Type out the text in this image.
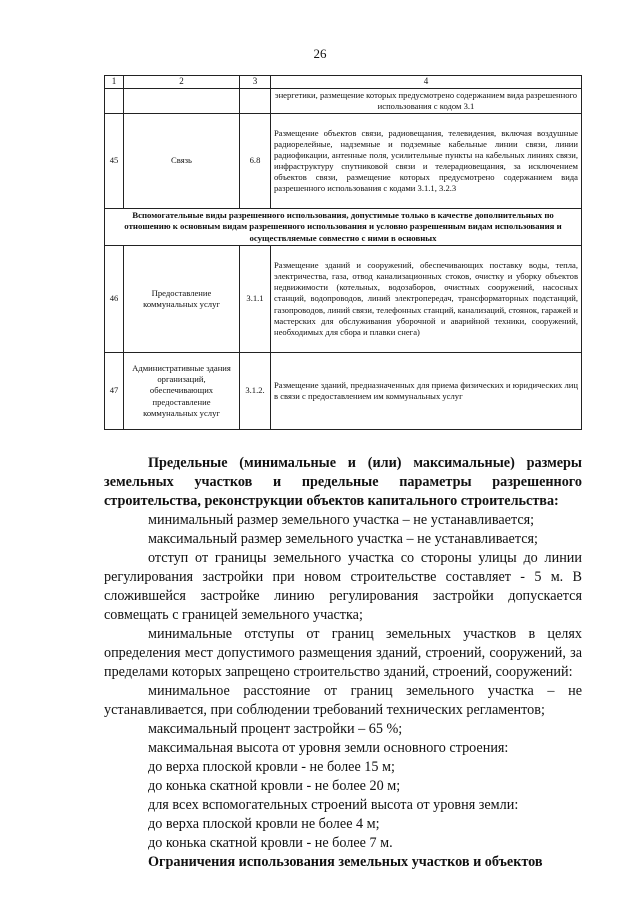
26
1	2	3	4
			энергетики, размещение которых предусмотрено содержанием вида разрешенного использования с кодом 3.1
45	Связь	6.8	Размещение объектов связи, радиовещания, телевидения, включая воздушные радиорелейные, надземные и подземные кабельные линии связи, линии радиофикации, антенные поля, усилительные пункты на кабельных линиях связи, инфраструктуру спутниковой связи и телерадиовещания, за исключением объектов связи, размещение которых предусмотрено содержанием вида разрешенного использования с кодами 3.1.1, 3.2.3
Вспомогательные виды разрешенного использования, допустимые только в качестве дополнительных по отношению к основным видам разрешенного использования и условно разрешенным видам использования и осуществляемые совместно с ними в основных			
46	Предоставление коммунальных услуг	3.1.1	Размещение зданий и сооружений, обеспечивающих поставку воды, тепла, электричества, газа, отвод канализационных стоков, очистку и уборку объектов недвижимости (котельных, водозаборов, очистных сооружений, насосных станций, водопроводов, линий электропередач, трансформаторных подстанций, газопроводов, линий связи, телефонных станций, канализаций, стоянок, гаражей и мастерских для обслуживания уборочной и аварийной техники, сооружений, необходимых для сбора и плавки снега)
47	Административные здания организаций, обеспечивающих предоставление коммунальных услуг	3.1.2.	Размещение зданий, предназначенных для приема физических и юридических лиц в связи с предоставлением им коммунальных услуг

Предельные (минимальные и (или) максимальные) размеры земельных участков и предельные параметры разрешенного строительства, реконструкции объектов капитального строительства:

минимальный размер земельного участка – не устанавливается;

максимальный размер земельного участка – не устанавливается;

отступ от границы земельного участка со стороны улицы до линии регулирования застройки при новом строительстве составляет - 5 м. В сложившейся застройке линию регулирования застройки допускается совмещать с границей земельного участка;

минимальные отступы от границ земельных участков в целях определения мест допустимого размещения зданий, строений, сооружений, за пределами которых запрещено строительство зданий, строений, сооружений:

минимальное расстояние от границ земельного участка – не устанавливается, при соблюдении требований технических регламентов;

максимальный процент застройки – 65 %;

максимальная высота от уровня земли основного строения:

до верха плоской кровли - не более 15 м;

до конька скатной кровли - не более 20 м;

для всех вспомогательных строений высота от уровня земли:

до верха плоской кровли не более 4 м;

до конька скатной кровли - не более 7 м.

Ограничения использования земельных участков и объектов
